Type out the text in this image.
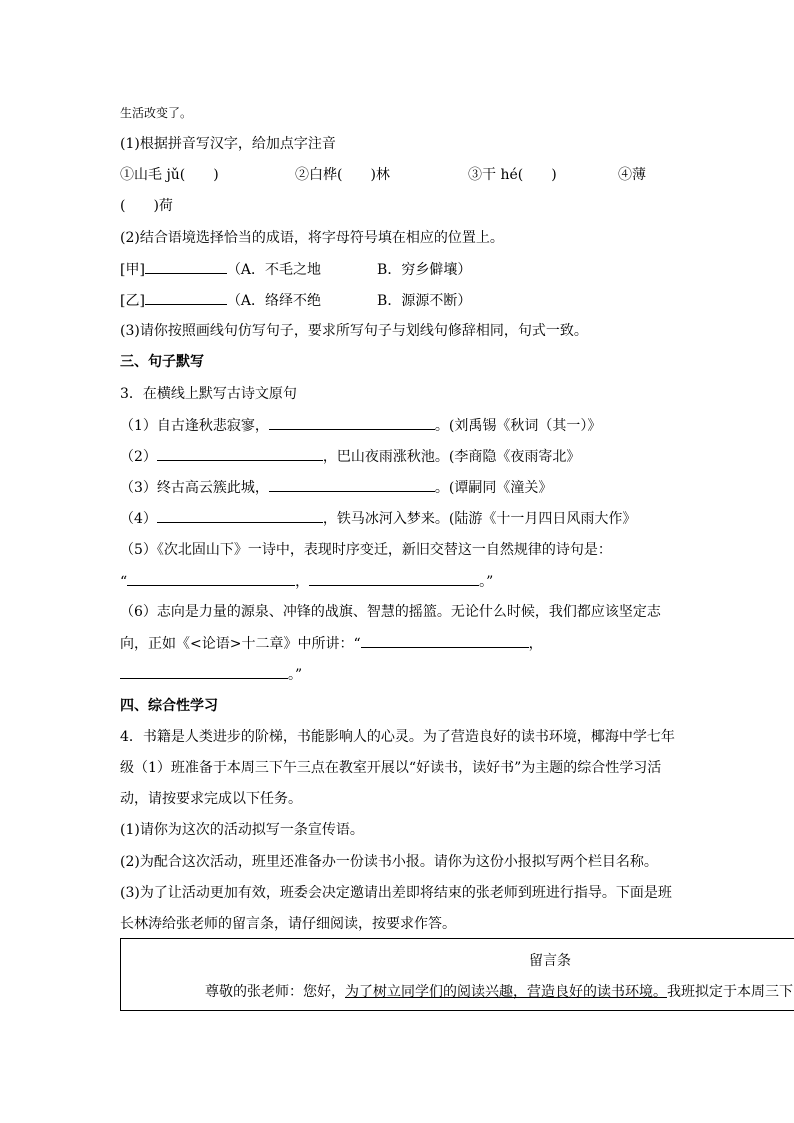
生活改变了。
(1)根据拼音写汉字，给加点字注音
①山毛 jǔ(　　)	②白桦(　　)林	③干 hé(　　)	④薄
(　　)荷
(2)结合语境选择恰当的成语，将字母符号填在相应的位置上。
[甲]	（A．不毛之地　　　　B．穷乡僻壤）
[乙]	（A．络绎不绝　　　　B．源源不断）
(3)请你按照画线句仿写句子，要求所写句子与划线句修辞相同，句式一致。
三、句子默写
3．在横线上默写古诗文原句
（1）自古逢秋悲寂寥，	。(刘禹锡《秋词（其一）》
（2）	，巴山夜雨涨秋池。(李商隐《夜雨寄北》
（3）终古高云簇此城，	。(谭嗣同《潼关》
（4）	，铁马冰河入梦来。(陆游《十一月四日风雨大作》
（5）《次北固山下》一诗中，表现时序变迁，新旧交替这一自然规律的诗句是：
“	，	。”
（6）志向是力量的源泉、冲锋的战旗、智慧的摇篮。无论什么时候，我们都应该坚定志
向，正如《<论语>十二章》中所讲：“	，
。”
四、综合性学习
4．书籍是人类进步的阶梯，书能影响人的心灵。为了营造良好的读书环境，椰海中学七年
级（1）班准备于本周三下午三点在教室开展以“好读书，读好书”为主题的综合性学习活
动，请按要求完成以下任务。
(1)请你为这次的活动拟写一条宣传语。
(2)为配合这次活动，班里还准备办一份读书小报。请你为这份小报拟写两个栏目名称。
(3)为了让活动更加有效，班委会决定邀请出差即将结束的张老师到班进行指导。下面是班
长林涛给张老师的留言条，请仔细阅读，按要求作答。
留言条
尊敬的张老师：您好，为了树立同学们的阅读兴趣，营造良好的读书环境。我班拟定于本周三下
